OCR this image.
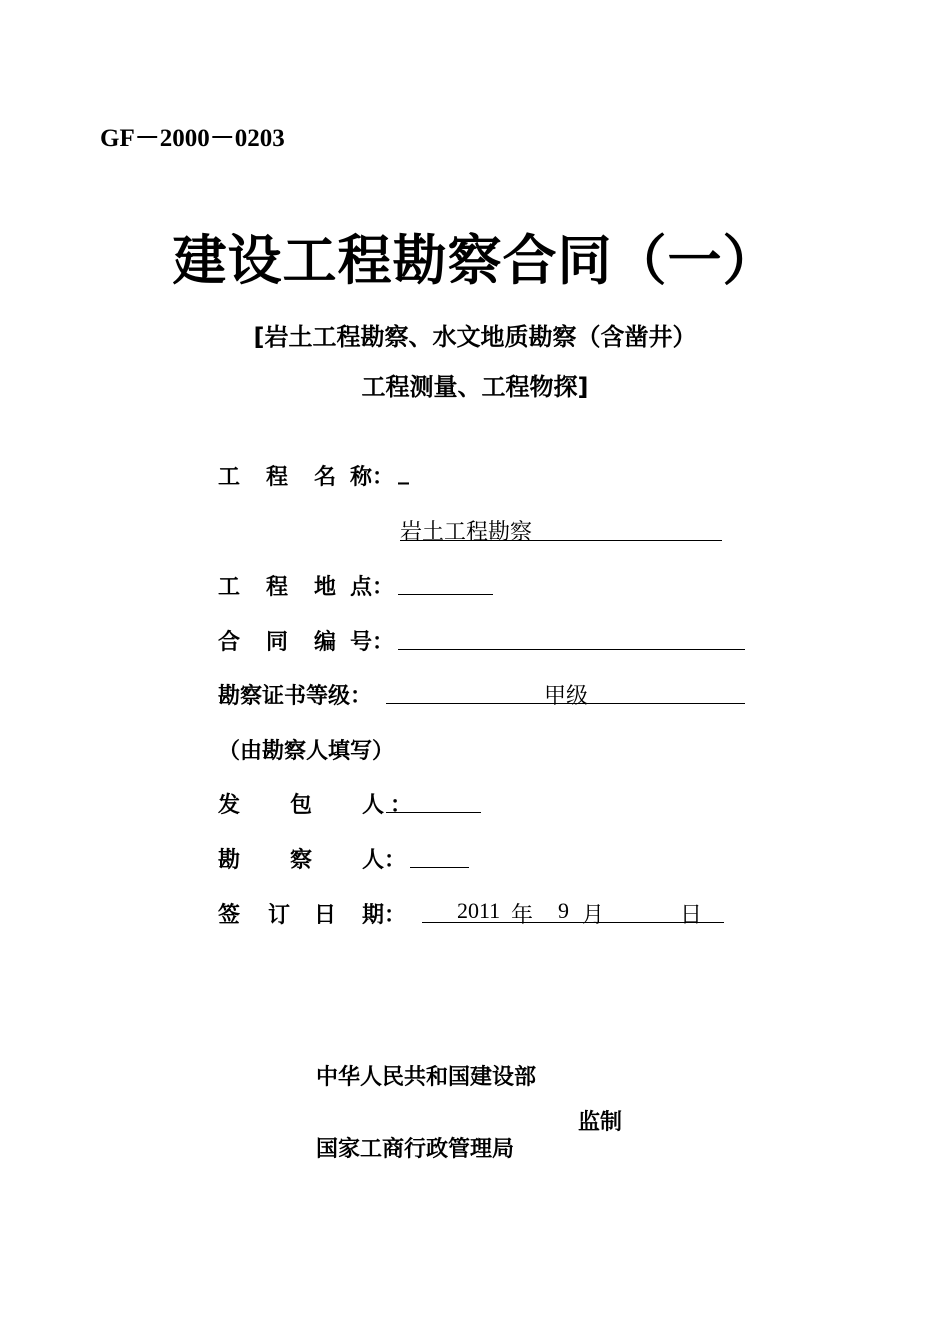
GF－2000－0203
建设工程勘察合同（一）
[岩土工程勘察、水文地质勘察（含凿井）
工程测量、工程物探]
工 程 名 称： _
岩土工程勘察
工 程 地 点：
合 同 编 号：
勘察证书等级：	甲级
（由勘察人填写）
发 包 人 ：
勘 察 人：
签 订 日 期： 2011 年 9 月	日
中华人民共和国建设部
监制
国家工商行政管理局
